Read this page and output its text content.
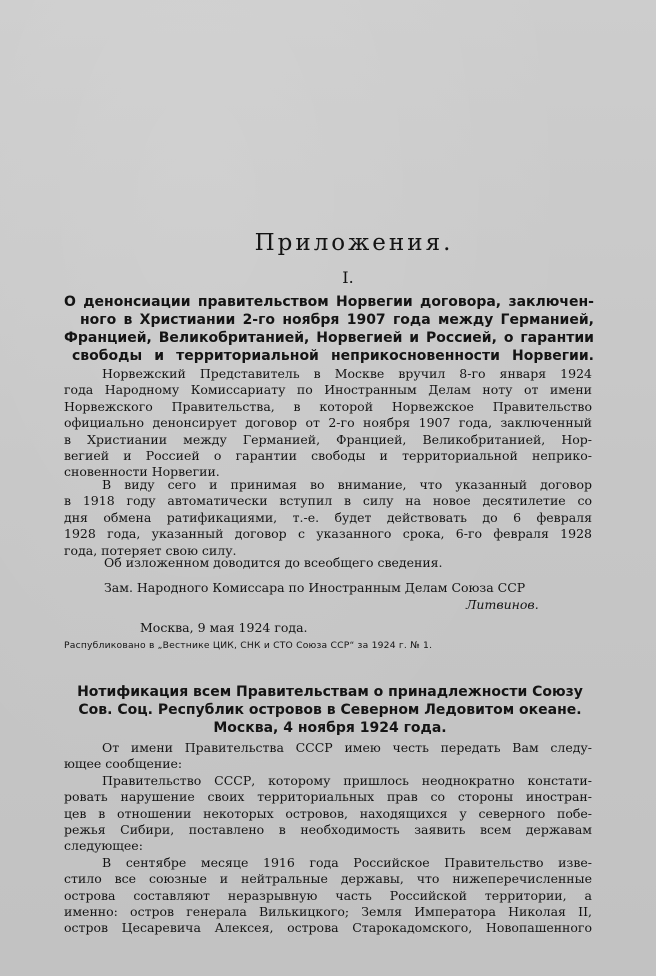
Приложения.
I.

О денонсиации правительством Норвегии договора, заключен-
ного в Христиании 2-го ноября 1907 года между Германией,
Францией, Великобританией, Норвегией и Россией, о гарантии
свободы и территориальной неприкосновенности Норвегии.

Норвежский Представитель в Москве вручил 8-го января 1924
года Народному Комиссариату по Иностранным Делам ноту от имени
Норвежского Правительства, в которой Норвежское Правительство
официально денонсирует договор от 2-го ноября 1907 года, заключенный
в Христиании между Германией, Францией, Великобританией, Нор-
вегией и Россией о гарантии свободы и территориальной неприко-
сновенности Норвегии.
В виду сего и принимая во внимание, что указанный договор
в 1918 году автоматически вступил в силу на новое десятилетие со
дня обмена ратификациями, т.-е. будет действовать до 6 февраля
1928 года, указанный договор с указанного срока, 6-го февраля 1928
года, потеряет свою силу.
Об изложенном доводится до всеобщего сведения.
Зам. Народного Комиссара по Иностранным Делам Союза ССР
Литвинов.
Москва, 9 мая 1924 года.
Распубликовано в „Вестнике ЦИК, СНК и СТО Союза ССР“ за 1924 г. № 1.

Нотификация всем Правительствам о принадлежности Союзу
Сов. Соц. Республик островов в Северном Ледовитом океане.
Москва, 4 ноября 1924 года.

От имени Правительства СССР имею честь передать Вам следу-
ющее сообщение:
Правительство СССР, которому пришлось неоднократно констати-
ровать нарушение своих территориальных прав со стороны иностран-
цев в отношении некоторых островов, находящихся у северного побе-
режья Сибири, поставлено в необходимость заявить всем державам
следующее:
В сентябре месяце 1916 года Российское Правительство изве-
стило все союзные и нейтральные державы, что нижеперечисленные
острова составляют неразрывную часть Российской территории, а
именно: остров генерала Вилькицкого; Земля Императора Николая II,
остров Цесаревича Алексея, острова Старокадомского, Новопашенного
